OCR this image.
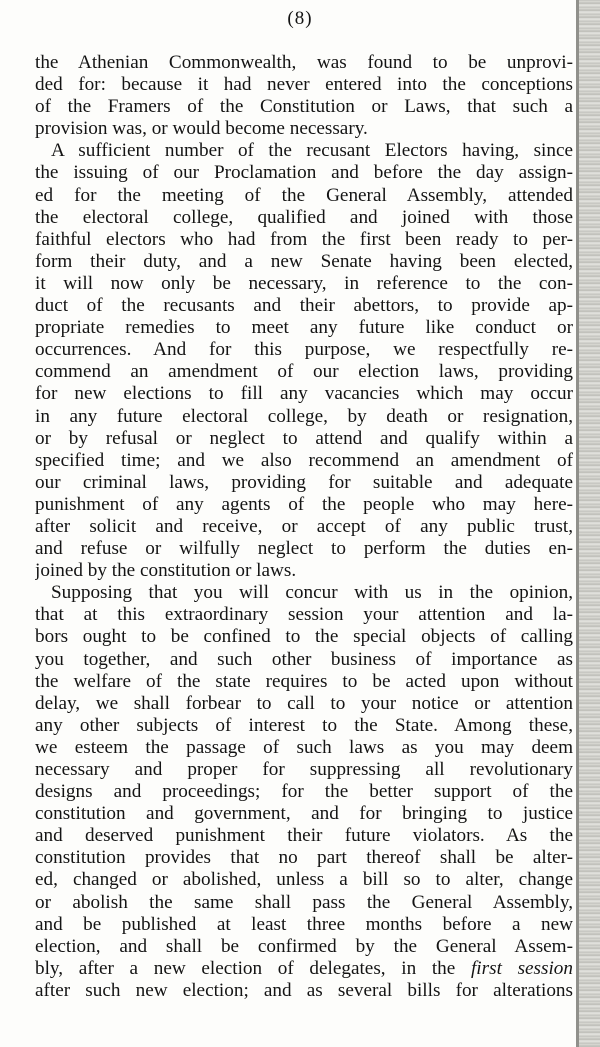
(8)
the Athenian Commonwealth, was found to be unprovi-
ded for: because it had never entered into the conceptions
of the Framers of the Constitution or Laws, that such a
provision was, or would become necessary.
A sufficient number of the recusant Electors having, since
the issuing of our Proclamation and before the day assign-
ed for the meeting of the General Assembly, attended
the electoral college, qualified and joined with those
faithful electors who had from the first been ready to per-
form their duty, and a new Senate having been elected,
it will now only be necessary, in reference to the con-
duct of the recusants and their abettors, to provide ap-
propriate remedies to meet any future like conduct or
occurrences. And for this purpose, we respectfully re-
commend an amendment of our election laws, providing
for new elections to fill any vacancies which may occur
in any future electoral college, by death or resignation,
or by refusal or neglect to attend and qualify within a
specified time; and we also recommend an amendment of
our criminal laws, providing for suitable and adequate
punishment of any agents of the people who may here-
after solicit and receive, or accept of any public trust,
and refuse or wilfully neglect to perform the duties en-
joined by the constitution or laws.
Supposing that you will concur with us in the opinion,
that at this extraordinary session your attention and la-
bors ought to be confined to the special objects of calling
you together, and such other business of importance as
the welfare of the state requires to be acted upon without
delay, we shall forbear to call to your notice or attention
any other subjects of interest to the State. Among these,
we esteem the passage of such laws as you may deem
necessary and proper for suppressing all revolutionary
designs and proceedings; for the better support of the
constitution and government, and for bringing to justice
and deserved punishment their future violators. As the
constitution provides that no part thereof shall be alter-
ed, changed or abolished, unless a bill so to alter, change
or abolish the same shall pass the General Assembly,
and be published at least three months before a new
election, and shall be confirmed by the General Assem-
bly, after a new election of delegates, in the first session
after such new election; and as several bills for alterations
